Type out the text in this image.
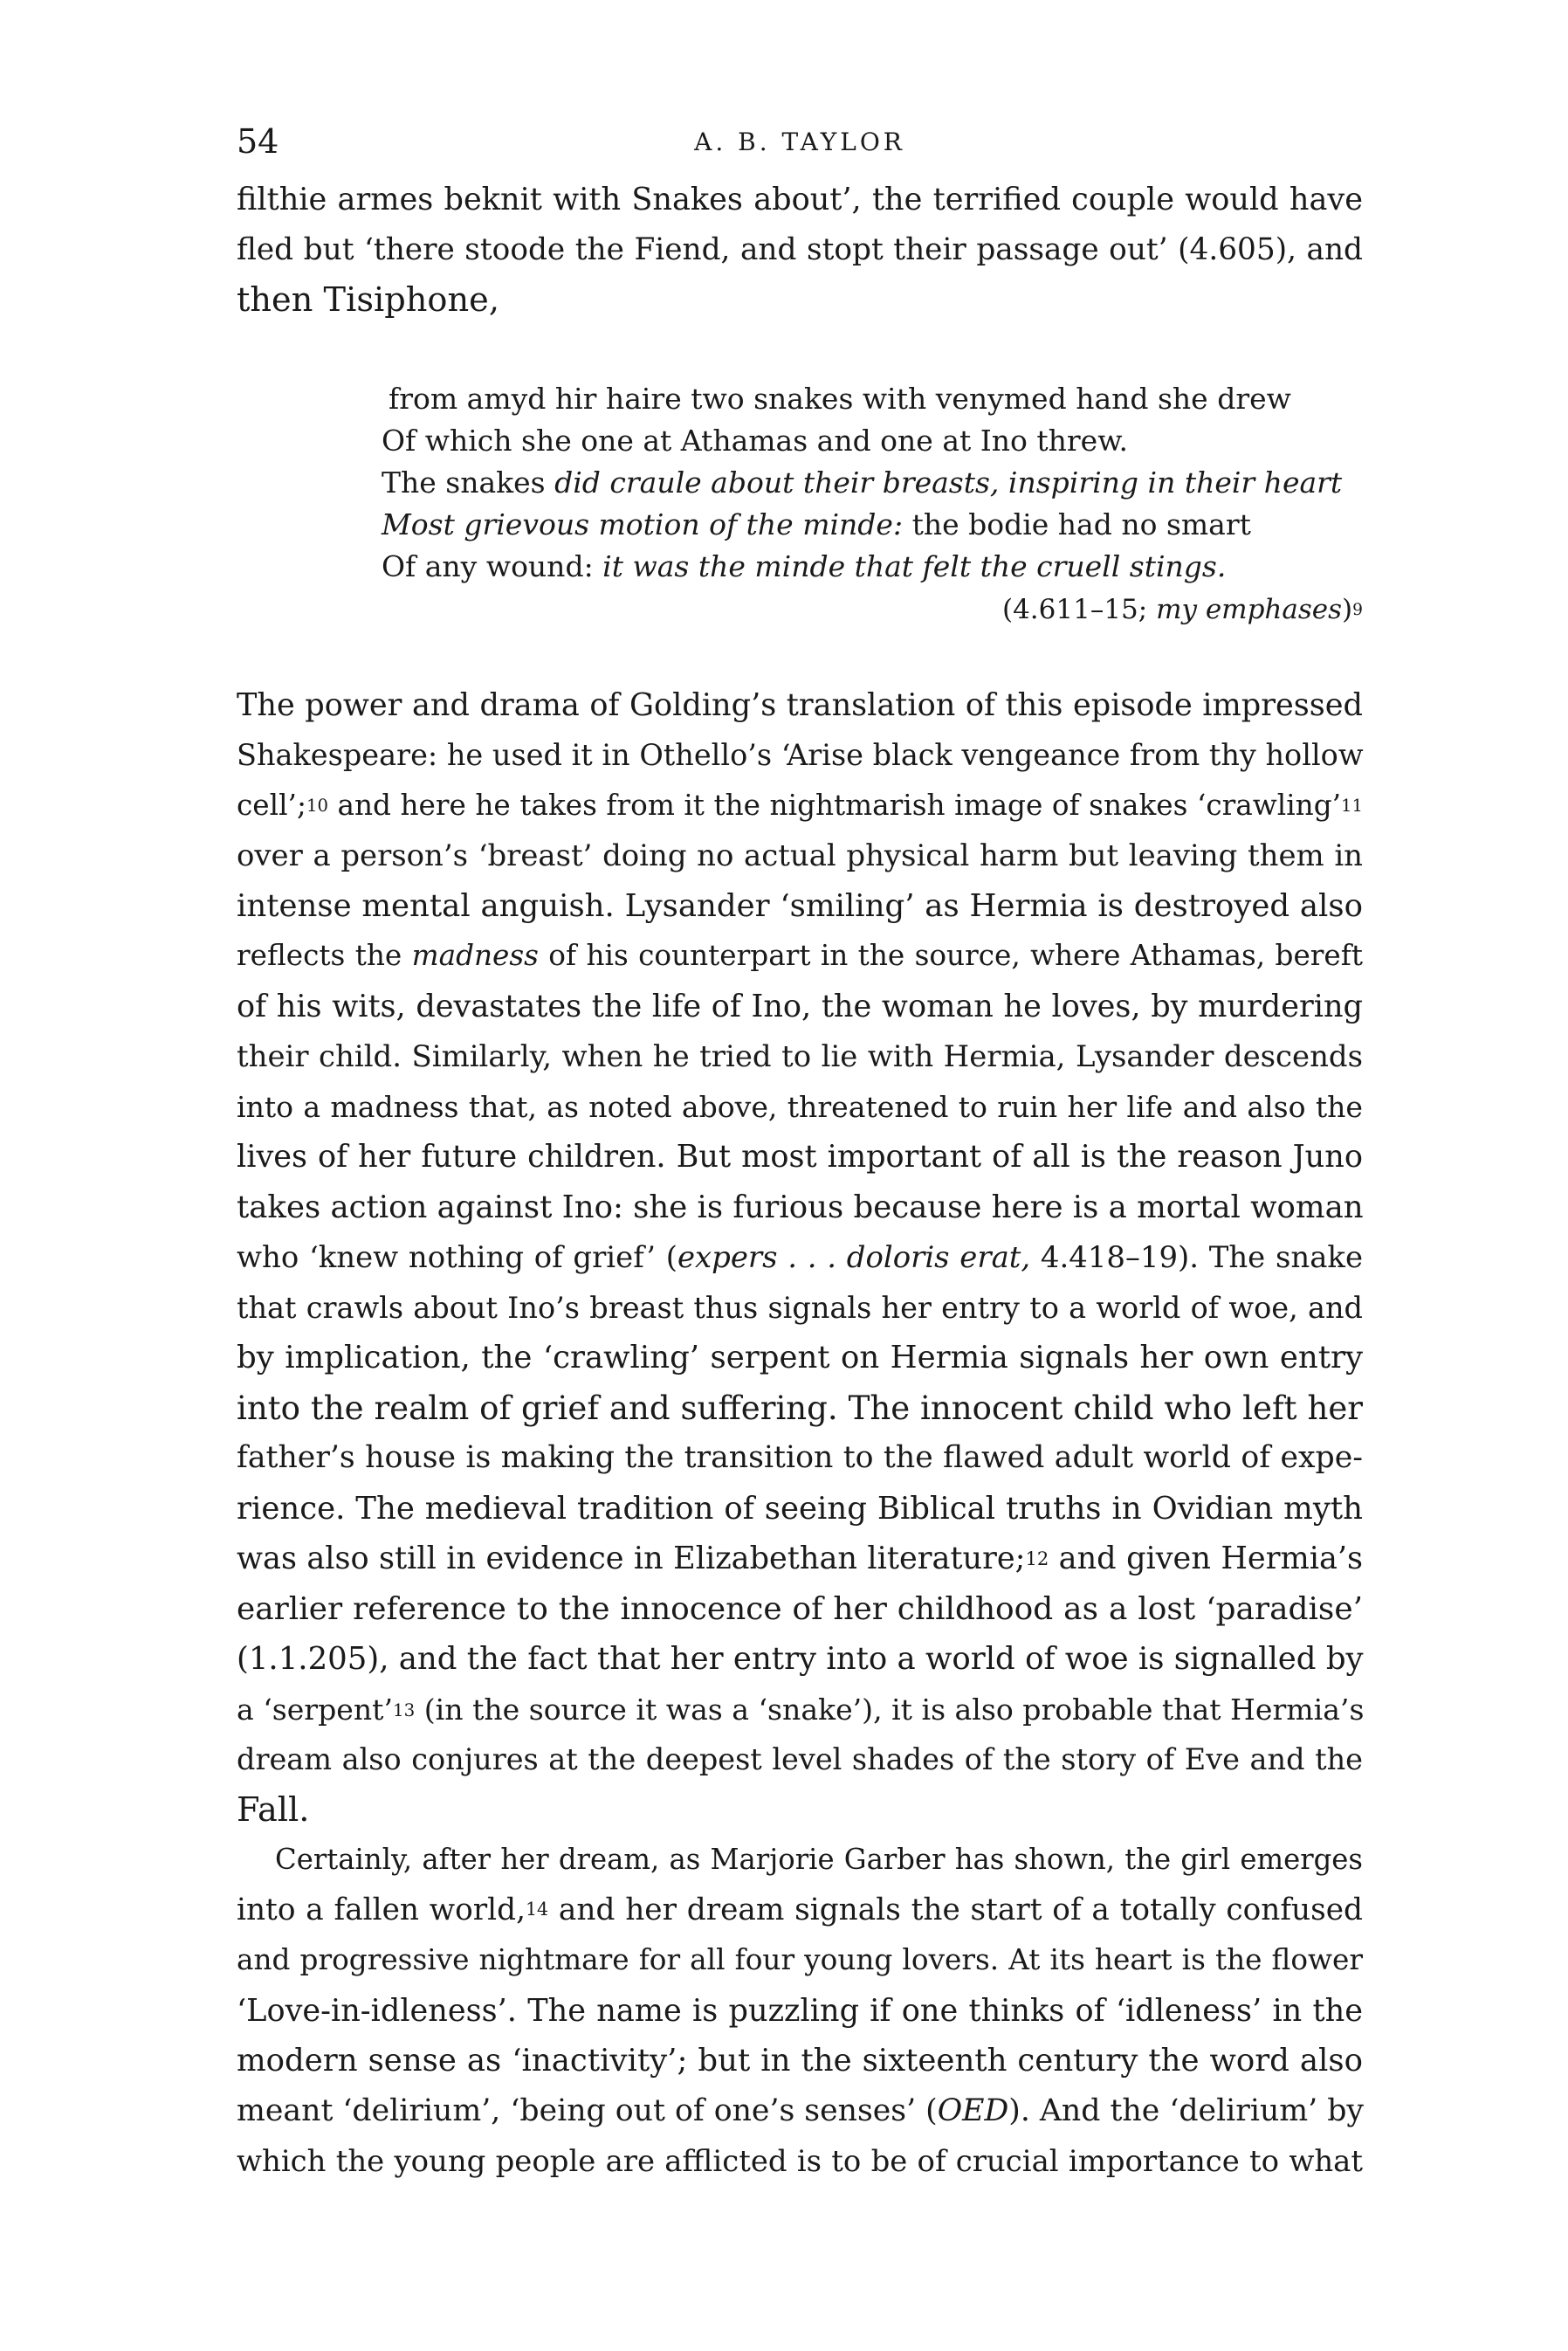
54	A. B. TAYLOR
filthie armes beknit with Snakes about’, the terrified couple would have
fled but ‘there stoode the Fiend, and stopt their passage out’ (4.605), and
then Tisiphone,
from amyd hir haire two snakes with venymed hand she drew
Of which she one at Athamas and one at Ino threw.
The snakes did craule about their breasts, inspiring in their heart
Most grievous motion of the minde: the bodie had no smart
Of any wound: it was the minde that felt the cruell stings.
(4.611–15; my emphases)$^9$
The power and drama of Golding’s translation of this episode impressed
Shakespeare: he used it in Othello’s ‘Arise black vengeance from thy hollow
cell’;$^{10}$ and here he takes from it the nightmarish image of snakes ‘crawling’$^{11}$
over a person’s ‘breast’ doing no actual physical harm but leaving them in
intense mental anguish. Lysander ‘smiling’ as Hermia is destroyed also
reflects the madness of his counterpart in the source, where Athamas, bereft
of his wits, devastates the life of Ino, the woman he loves, by murdering
their child. Similarly, when he tried to lie with Hermia, Lysander descends
into a madness that, as noted above, threatened to ruin her life and also the
lives of her future children. But most important of all is the reason Juno
takes action against Ino: she is furious because here is a mortal woman
who ‘knew nothing of grief’ (expers . . . doloris erat, 4.418–19). The snake
that crawls about Ino’s breast thus signals her entry to a world of woe, and
by implication, the ‘crawling’ serpent on Hermia signals her own entry
into the realm of grief and suffering. The innocent child who left her
father’s house is making the transition to the flawed adult world of expe-
rience. The medieval tradition of seeing Biblical truths in Ovidian myth
was also still in evidence in Elizabethan literature;$^{12}$ and given Hermia’s
earlier reference to the innocence of her childhood as a lost ‘paradise’
(1.1.205), and the fact that her entry into a world of woe is signalled by
a ‘serpent’$^{13}$ (in the source it was a ‘snake’), it is also probable that Hermia’s
dream also conjures at the deepest level shades of the story of Eve and the
Fall.
Certainly, after her dream, as Marjorie Garber has shown, the girl emerges
into a fallen world,$^{14}$ and her dream signals the start of a totally confused
and progressive nightmare for all four young lovers. At its heart is the flower
‘Love-in-idleness’. The name is puzzling if one thinks of ‘idleness’ in the
modern sense as ‘inactivity’; but in the sixteenth century the word also
meant ‘delirium’, ‘being out of one’s senses’ (OED). And the ‘delirium’ by
which the young people are afflicted is to be of crucial importance to what
